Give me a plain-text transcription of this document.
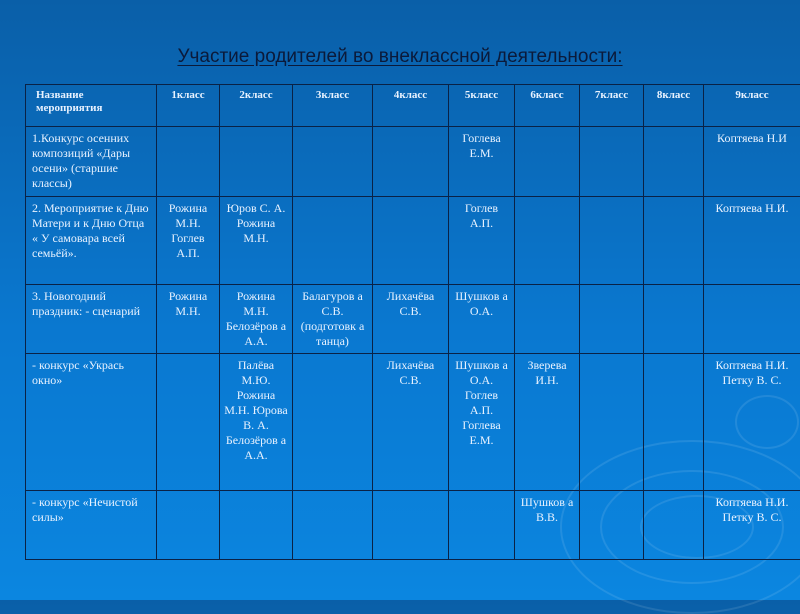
Участие родителей во внеклассной деятельности:
Название мероприятия	1класс	2класс	3класс	4класс	5класс	6класс	7класс	8класс	9класс
1.Конкурс осенних композиций «Дары осени» (старшие классы)					Гоглева Е.М.				Коптяева Н.И
2. Мероприятие к Дню Матери и к Дню Отца « У самовара всей семьёй».	Рожина М.Н. Гоглев А.П.	Юров С. А. Рожина М.Н.			Гоглев А.П.				Коптяева Н.И.
3. Новогодний праздник: - сценарий	Рожина М.Н.	Рожина М.Н. Белозёров а А.А.	Балагуров а С.В. (подготовк а танца)	Лихачёва С.В.	Шушков а О.А.				
- конкурс «Укрась окно»		Палёва М.Ю. Рожина М.Н. Юрова В. А. Белозёров а А.А.		Лихачёва С.В.	Шушков а О.А. Гоглев А.П. Гоглева Е.М.	Зверева И.Н.			Коптяева Н.И. Петку В. С.
- конкурс «Нечистой силы»						Шушков а В.В.			Коптяева Н.И. Петку В. С.
